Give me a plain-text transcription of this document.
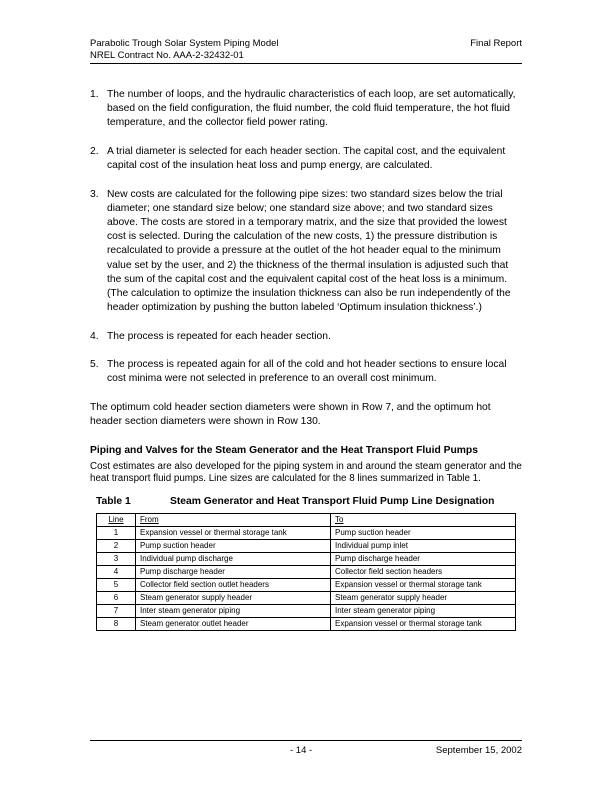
Parabolic Trough Solar System Piping Model
NREL Contract No. AAA-2-32432-01
Final Report
1. The number of loops, and the hydraulic characteristics of each loop, are set automatically, based on the field configuration, the fluid number, the cold fluid temperature, the hot fluid temperature, and the collector field power rating.
2. A trial diameter is selected for each header section. The capital cost, and the equivalent capital cost of the insulation heat loss and pump energy, are calculated.
3. New costs are calculated for the following pipe sizes: two standard sizes below the trial diameter; one standard size below; one standard size above; and two standard sizes above. The costs are stored in a temporary matrix, and the size that provided the lowest cost is selected. During the calculation of the new costs, 1) the pressure distribution is recalculated to provide a pressure at the outlet of the hot header equal to the minimum value set by the user, and 2) the thickness of the thermal insulation is adjusted such that the sum of the capital cost and the equivalent capital cost of the heat loss is a minimum. (The calculation to optimize the insulation thickness can also be run independently of the header optimization by pushing the button labeled ‘Optimum insulation thickness’.)
4. The process is repeated for each header section.
5. The process is repeated again for all of the cold and hot header sections to ensure local cost minima were not selected in preference to an overall cost minimum.

The optimum cold header section diameters were shown in Row 7, and the optimum hot header section diameters were shown in Row 130.

Piping and Valves for the Steam Generator and the Heat Transport Fluid Pumps

Cost estimates are also developed for the piping system in and around the steam generator and the heat transport fluid pumps. Line sizes are calculated for the 8 lines summarized in Table 1.

Table 1	Steam Generator and Heat Transport Fluid Pump Line Designation
Line	From	To
1	Expansion vessel or thermal storage tank	Pump suction header
2	Pump suction header	Individual pump inlet
3	Individual pump discharge	Pump discharge header
4	Pump discharge header	Collector field section headers
5	Collector field section outlet headers	Expansion vessel or thermal storage tank
6	Steam generator supply header	Steam generator supply header
7	Inter steam generator piping	Inter steam generator piping
8	Steam generator outlet header	Expansion vessel or thermal storage tank
- 14 -	September 15, 2002
